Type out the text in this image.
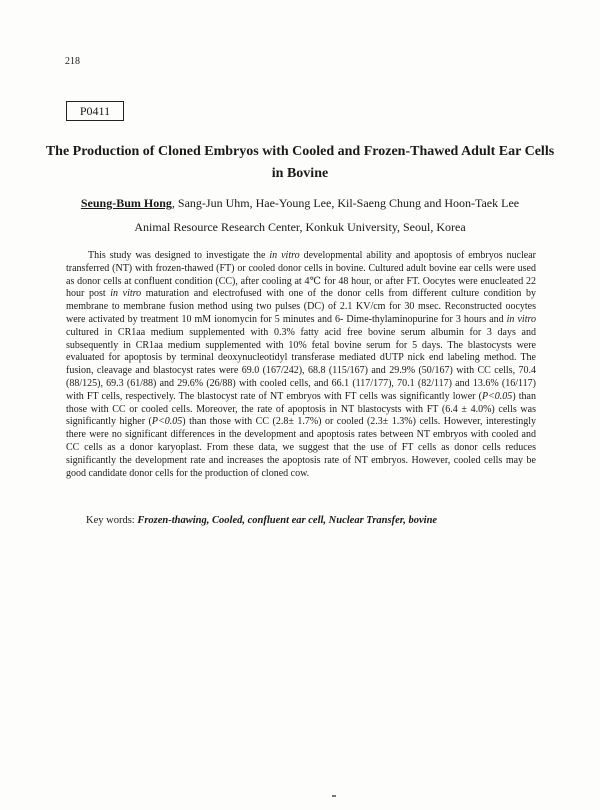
218
P0411
The Production of Cloned Embryos with Cooled and Frozen-Thawed Adult Ear Cells in Bovine
Seung-Bum Hong, Sang-Jun Uhm, Hae-Young Lee, Kil-Saeng Chung and Hoon-Taek Lee
Animal Resource Research Center, Konkuk University, Seoul, Korea

This study was designed to investigate the in vitro developmental ability and apoptosis of embryos nuclear transferred (NT) with frozen-thawed (FT) or cooled donor cells in bovine. Cultured adult bovine ear cells were used as donor cells at confluent condition (CC), after cooling at 4℃ for 48 hour, or after FT. Oocytes were enucleated 22 hour post in vitro maturation and electrofused with one of the donor cells from different culture condition by membrane to membrane fusion method using two pulses (DC) of 2.1 KV/cm for 30 msec. Reconstructed oocytes were activated by treatment 10 mM ionomycin for 5 minutes and 6- Dime-thylaminopurine for 3 hours and in vitro cultured in CR1aa medium supplemented with 0.3% fatty acid free bovine serum albumin for 3 days and subsequently in CR1aa medium supplemented with 10% fetal bovine serum for 5 days. The blastocysts were evaluated for apoptosis by terminal deoxynucleotidyl transferase mediated dUTP nick end labeling method. The fusion, cleavage and blastocyst rates were 69.0 (167/242), 68.8 (115/167) and 29.9% (50/167) with CC cells, 70.4 (88/125), 69.3 (61/88) and 29.6% (26/88) with cooled cells, and 66.1 (117/177), 70.1 (82/117) and 13.6% (16/117) with FT cells, respectively. The blastocyst rate of NT embryos with FT cells was significantly lower (P<0.05) than those with CC or cooled cells. Moreover, the rate of apoptosis in NT blastocysts with FT (6.4 ± 4.0%) cells was significantly higher (P<0.05) than those with CC (2.8± 1.7%) or cooled (2.3± 1.3%) cells. However, interestingly there were no significant differences in the development and apoptosis rates between NT embryos with cooled and CC cells as a donor karyoplast. From these data, we suggest that the use of FT cells as donor cells reduces significantly the development rate and increases the apoptosis rate of NT embryos. However, cooled cells may be good candidate donor cells for the production of cloned cow.

Key words: Frozen-thawing, Cooled, confluent ear cell, Nuclear Transfer, bovine
